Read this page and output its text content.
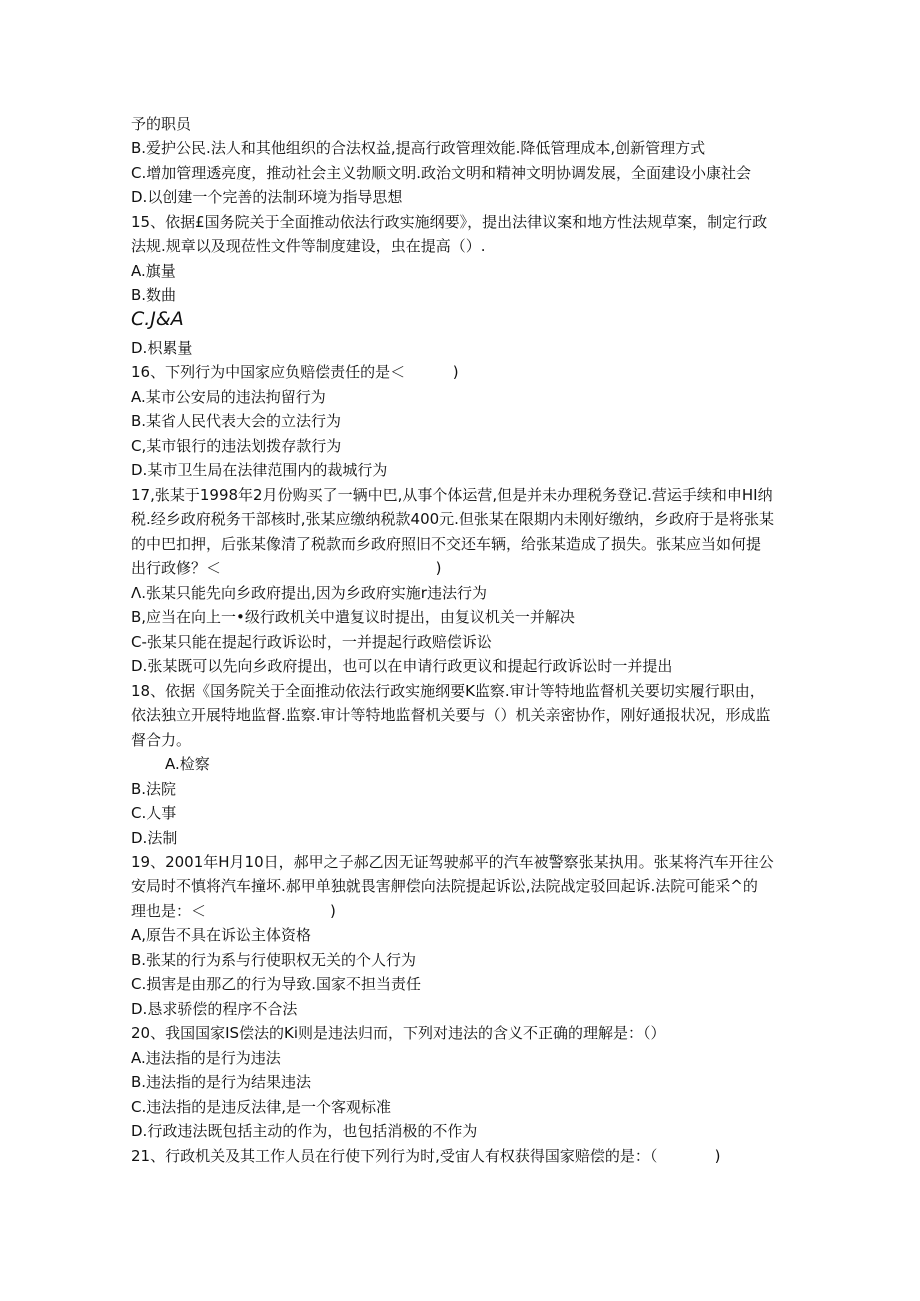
予的职员
B.爱护公民.法人和其他组织的合法权益,提高行政管理效能.降低管理成本,创新管理方式
C.增加管理透亮度，推动社会主义勃顺文明.政治文明和精神文明协调发展，全面建设小康社会
D.以创建一个完善的法制环境为指导思想
15、依据£国务院关于全面推动依法行政实施纲要》，提出法律议案和地方性法规草案，制定行政
法规.规章以及现莅性文件等制度建设，虫在提高（）.
A.旗量
B.数曲
C.J&A
D.枳累量
16、下列行为中国家应负赔偿责任的是＜          )
A.某市公安局的违法拘留行为
B.某省人民代表大会的立法行为
C,某市银行的违法划拨存款行为
D.某市卫生局在法律范围内的裁城行为
17,张某于1998年2月份购买了一辆中巴,从事个体运营,但是并未办理税务登记.营运手续和申HI纳
税.经乡政府税务干部核时,张某应缴纳税款400元.但张某在限期内未刚好缴纳，乡政府于是将张某
的中巴扣押，后张某像清了税款而乡政府照旧不交还车辆，给张某造成了损失。张某应当如何提
出行政修？＜                                             )
Λ.张某只能先向乡政府提出,因为乡政府实施r违法行为
B,应当在向上一•级行政机关中遣复议时提出，由复议机关一并解决
C-张某只能在提起行政诉讼时，一并提起行政赔偿诉讼
D.张某既可以先向乡政府提出，也可以在申请行政更议和提起行政诉讼时一并提出
18、依据《国务院关于全面推动依法行政实施纲要K监察.审计等特地监督机关要切实履行职由，
依法独立开展特地监督.监察.审计等特地监督机关要与（）机关亲密协作，刚好通报状况，形成监
督合力。
A.检察
B.法院
C.人事
D.法制
19、2001年H月10日，郝甲之子郝乙因无证驾驶郝平的汽车被警察张某执用。张某将汽车开往公
安局时不慎将汽车撞坏.郝甲单独就畏害舺偿向法院提起诉讼,法院战定驳回起诉.法院可能采^的
理也是：＜                          )
A,原告不具在诉讼主体资格
B.张某的行为系与行使职权无关的个人行为
C.损害是由那乙的行为导致.国家不担当责任
D.恳求骄偿的程序不合法
20、我国国家IS偿法的Ki则是违法归而，下列对违法的含义不正确的理解是：（）
A.违法指的是行为违法
B.违法指的是行为结果违法
C.违法指的是违反法律,是一个客观标准
D.行政违法既包括主动的作为，也包括消极的不作为
21、行政机关及其工作人员在行使下列行为时,受宙人有权获得国家赔偿的是：（            )
